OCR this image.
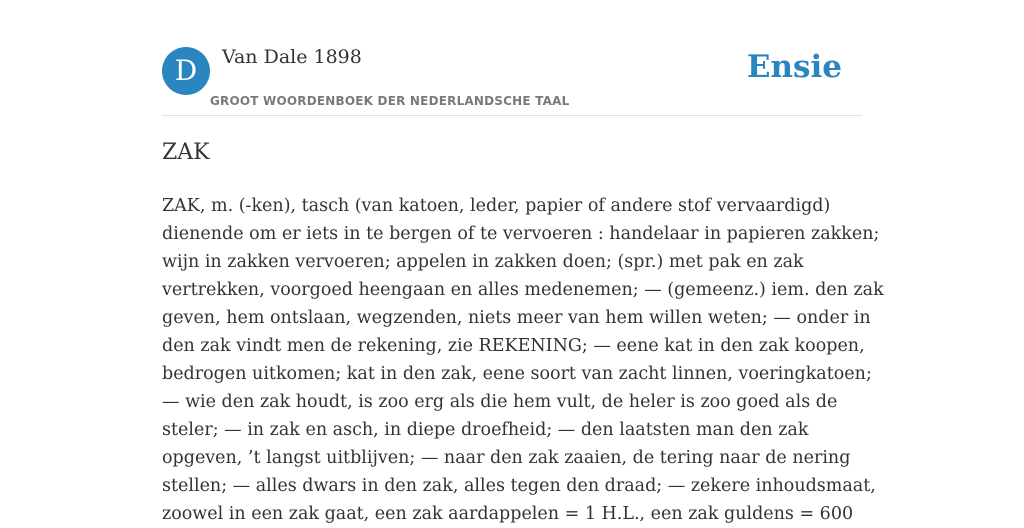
D	Van Dale 1898
GROOT WOORDENBOEK DER NEDERLANDSCHE TAAL
Ensie
ZAK

ZAK, m. (-ken), tasch (van katoen, leder, papier of andere stof vervaardigd)
dienende om er iets in te bergen of te vervoeren : handelaar in papieren zakken;
wijn in zakken vervoeren; appelen in zakken doen; (spr.) met pak en zak
vertrekken, voorgoed heengaan en alles medenemen; — (gemeenz.) iem. den zak
geven, hem ontslaan, wegzenden, niets meer van hem willen weten; — onder in
den zak vindt men de rekening, zie REKENING; — eene kat in den zak koopen,
bedrogen uitkomen; kat in den zak, eene soort van zacht linnen, voeringkatoen;
— wie den zak houdt, is zoo erg als die hem vult, de heler is zoo goed als de
steler; — in zak en asch, in diepe droefheid; — den laatsten man den zak
opgeven, ’t langst uitblijven; — naar den zak zaaien, de tering naar de nering
stellen; — alles dwars in den zak, alles tegen den draad; — zekere inhoudsmaat,
zoowel in een zak gaat, een zak aardappelen = 1 H.L., een zak guldens = 600
